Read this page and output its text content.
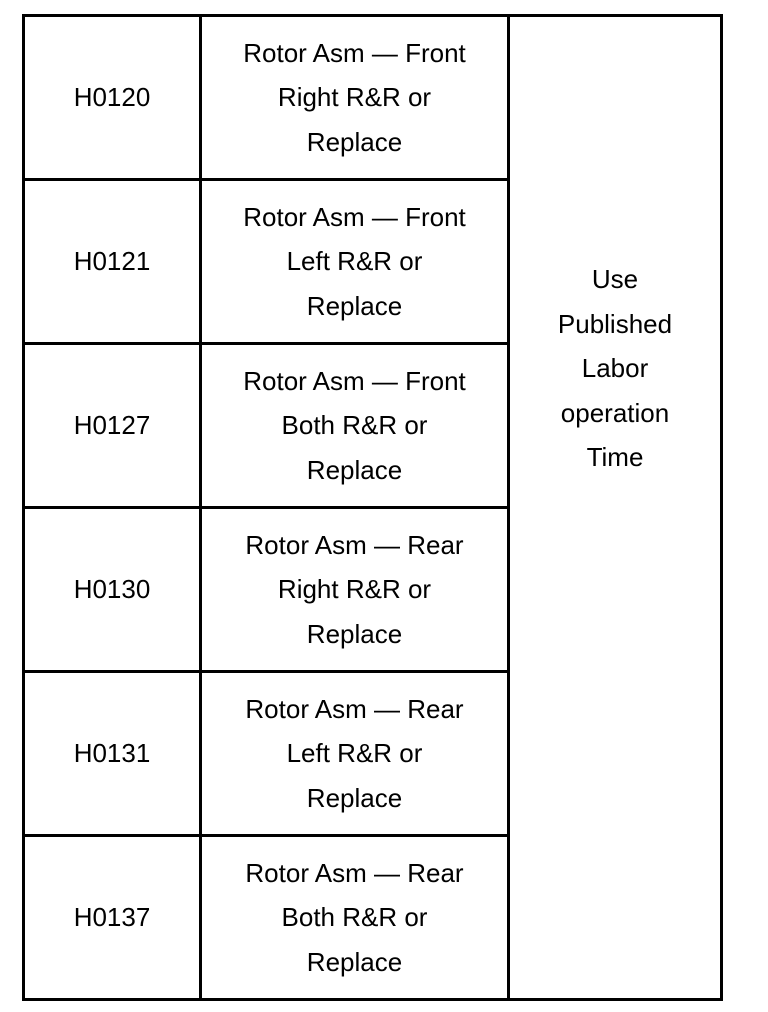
H0120	Rotor Asm — Front
Right R&R or
Replace	Use
Published
Labor
operation
Time

H0121	Rotor Asm — Front
Left R&R or
Replace	

H0127	Rotor Asm — Front
Both R&R or
Replace	

H0130	Rotor Asm — Rear
Right R&R or
Replace	

H0131	Rotor Asm — Rear
Left R&R or
Replace	

H0137	Rotor Asm — Rear
Both R&R or
Replace	
